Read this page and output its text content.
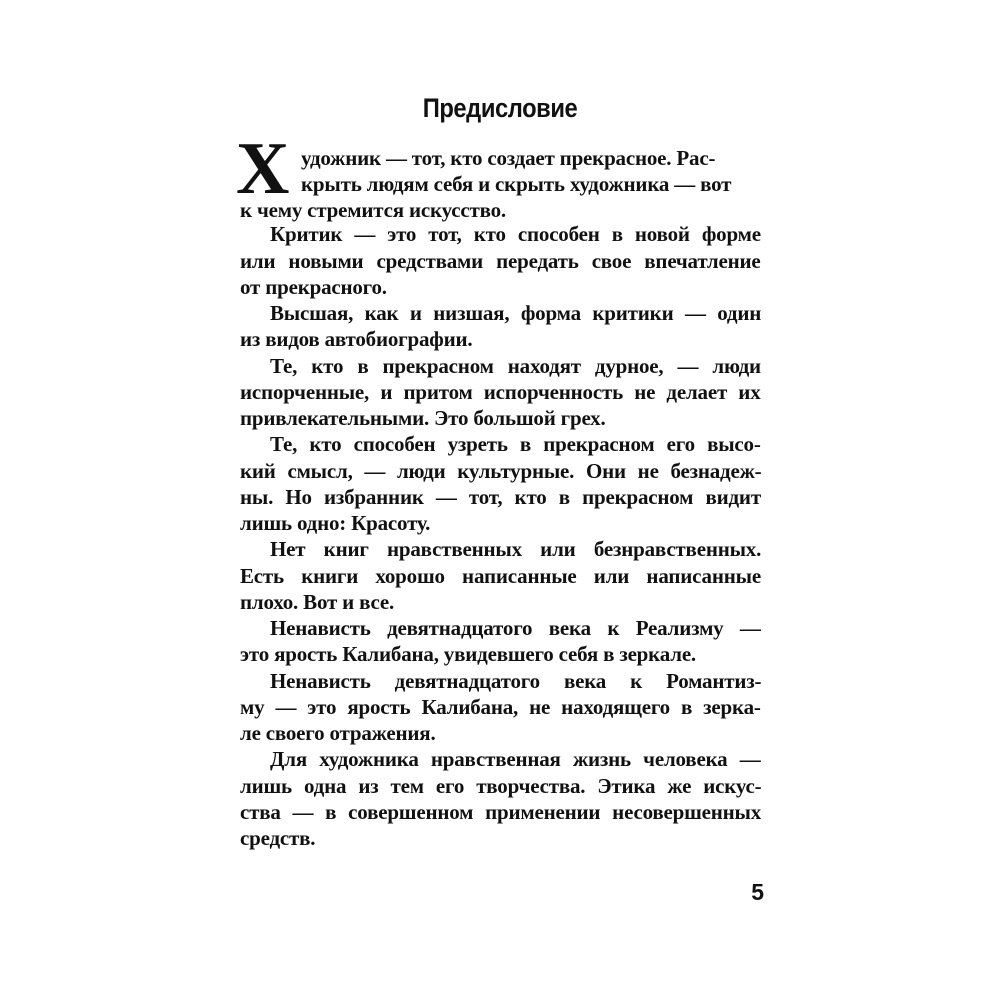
Предисловие
Х удожник — тот, кто создает прекрасное. Рас-
крыть людям себя и скрыть художника — вот
к чему стремится искусство.
Критик — это тот, кто способен в новой форме
или новыми средствами передать свое впечатление
от прекрасного.
Высшая, как и низшая, форма критики — один
из видов автобиографии.
Те, кто в прекрасном находят дурное, — люди
испорченные, и притом испорченность не делает их
привлекательными. Это большой грех.
Те, кто способен узреть в прекрасном его высо-
кий смысл, — люди культурные. Они не безнадеж-
ны. Но избранник — тот, кто в прекрасном видит
лишь одно: Красоту.
Нет книг нравственных или безнравственных.
Есть книги хорошо написанные или написанные
плохо. Вот и все.
Ненависть девятнадцатого века к Реализму —
это ярость Калибана, увидевшего себя в зеркале.
Ненависть девятнадцатого века к Романтиз-
му — это ярость Калибана, не находящего в зерка-
ле своего отражения.
Для художника нравственная жизнь человека —
лишь одна из тем его творчества. Этика же искус-
ства — в совершенном применении несовершенных
средств.
5
